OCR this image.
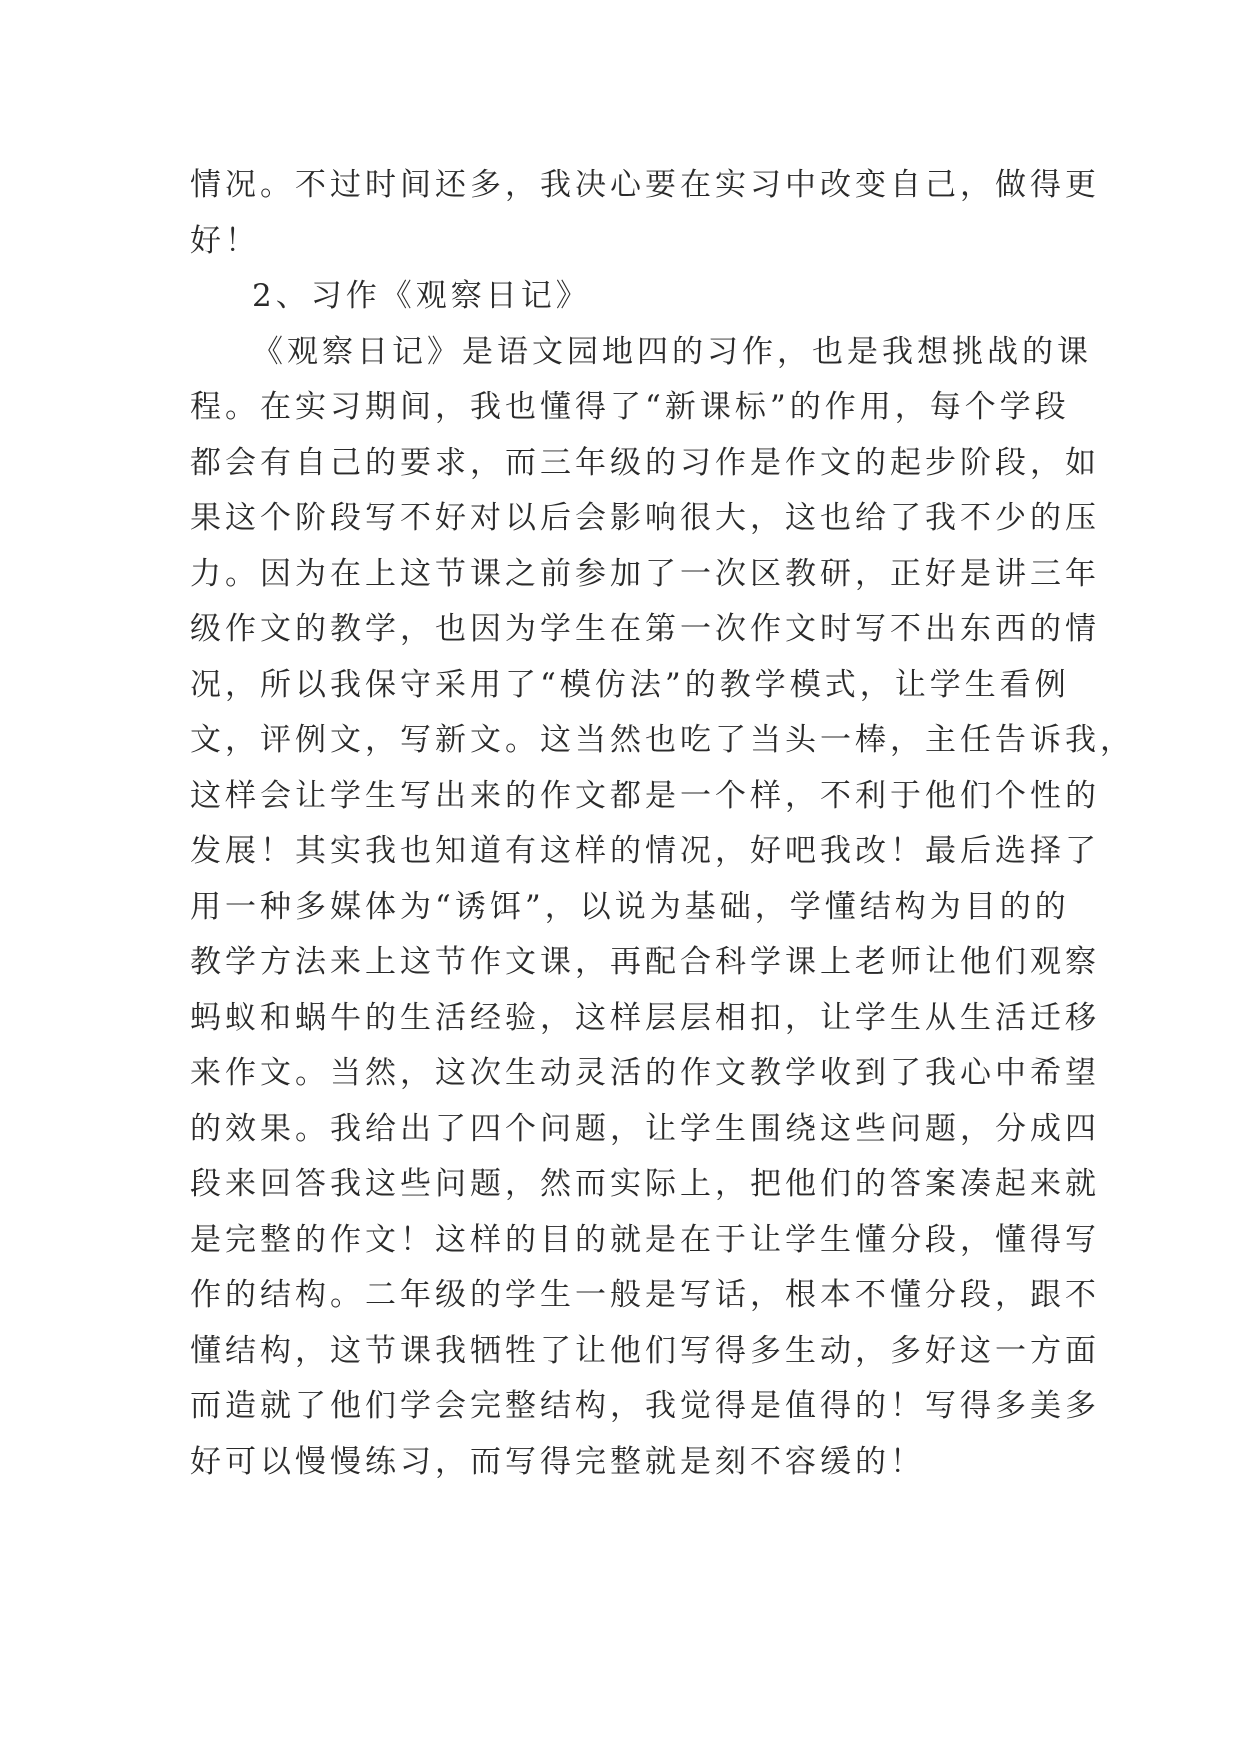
情况。不过时间还多，我决心要在实习中改变自己，做得更
好！
2、习作《观察日记》
《观察日记》是语文园地四的习作，也是我想挑战的课
程。在实习期间，我也懂得了“新课标”的作用，每个学段
都会有自己的要求，而三年级的习作是作文的起步阶段，如
果这个阶段写不好对以后会影响很大，这也给了我不少的压
力。因为在上这节课之前参加了一次区教研，正好是讲三年
级作文的教学，也因为学生在第一次作文时写不出东西的情
况，所以我保守采用了“模仿法”的教学模式，让学生看例
文，评例文，写新文。这当然也吃了当头一棒，主任告诉我，
这样会让学生写出来的作文都是一个样，不利于他们个性的
发展！其实我也知道有这样的情况，好吧我改！最后选择了
用一种多媒体为“诱饵”，以说为基础，学懂结构为目的的
教学方法来上这节作文课，再配合科学课上老师让他们观察
蚂蚁和蜗牛的生活经验，这样层层相扣，让学生从生活迁移
来作文。当然，这次生动灵活的作文教学收到了我心中希望
的效果。我给出了四个问题，让学生围绕这些问题，分成四
段来回答我这些问题，然而实际上，把他们的答案凑起来就
是完整的作文！这样的目的就是在于让学生懂分段，懂得写
作的结构。二年级的学生一般是写话，根本不懂分段，跟不
懂结构，这节课我牺牲了让他们写得多生动，多好这一方面
而造就了他们学会完整结构，我觉得是值得的！写得多美多
好可以慢慢练习，而写得完整就是刻不容缓的！
